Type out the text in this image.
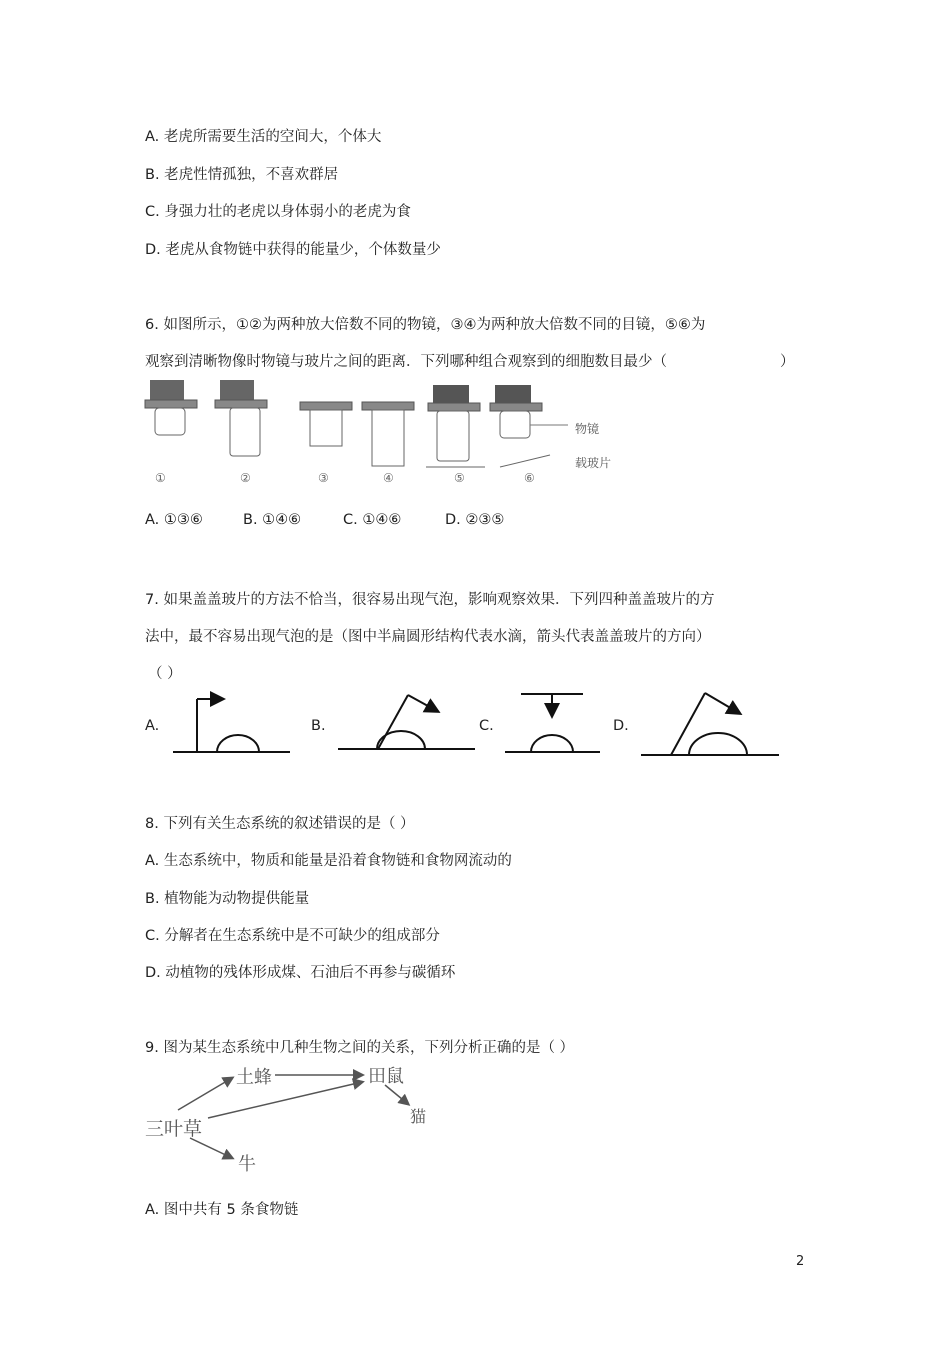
A. 老虎所需要生活的空间大，个体大
B. 老虎性情孤独，不喜欢群居
C. 身强力壮的老虎以身体弱小的老虎为食
D. 老虎从食物链中获得的能量少，个体数量少
6. 如图所示，①②为两种放大倍数不同的物镜，③④为两种放大倍数不同的目镜，⑤⑥为
观察到清晰物像时物镜与玻片之间的距离．下列哪种组合观察到的细胞数目最少（	）
物镜
载玻片
①	②	③	④	⑤	⑥
A. ①③⑥	B. ①④⑥	C. ①④⑥	D. ②③⑤
7. 如果盖盖玻片的方法不恰当，很容易出现气泡，影响观察效果．下列四种盖盖玻片的方
法中，最不容易出现气泡的是（图中半扁圆形结构代表水滴，箭头代表盖盖玻片的方向）
（ ）
A.	B.	C.	D.
8. 下列有关生态系统的叙述错误的是（ ）
A. 生态系统中，物质和能量是沿着食物链和食物网流动的
B. 植物能为动物提供能量
C. 分解者在生态系统中是不可缺少的组成部分
D. 动植物的残体形成煤、石油后不再参与碳循环
9. 图为某生态系统中几种生物之间的关系，下列分析正确的是（ ）
三叶草
土蜂	田鼠
猫
牛
A. 图中共有 5 条食物链
2
